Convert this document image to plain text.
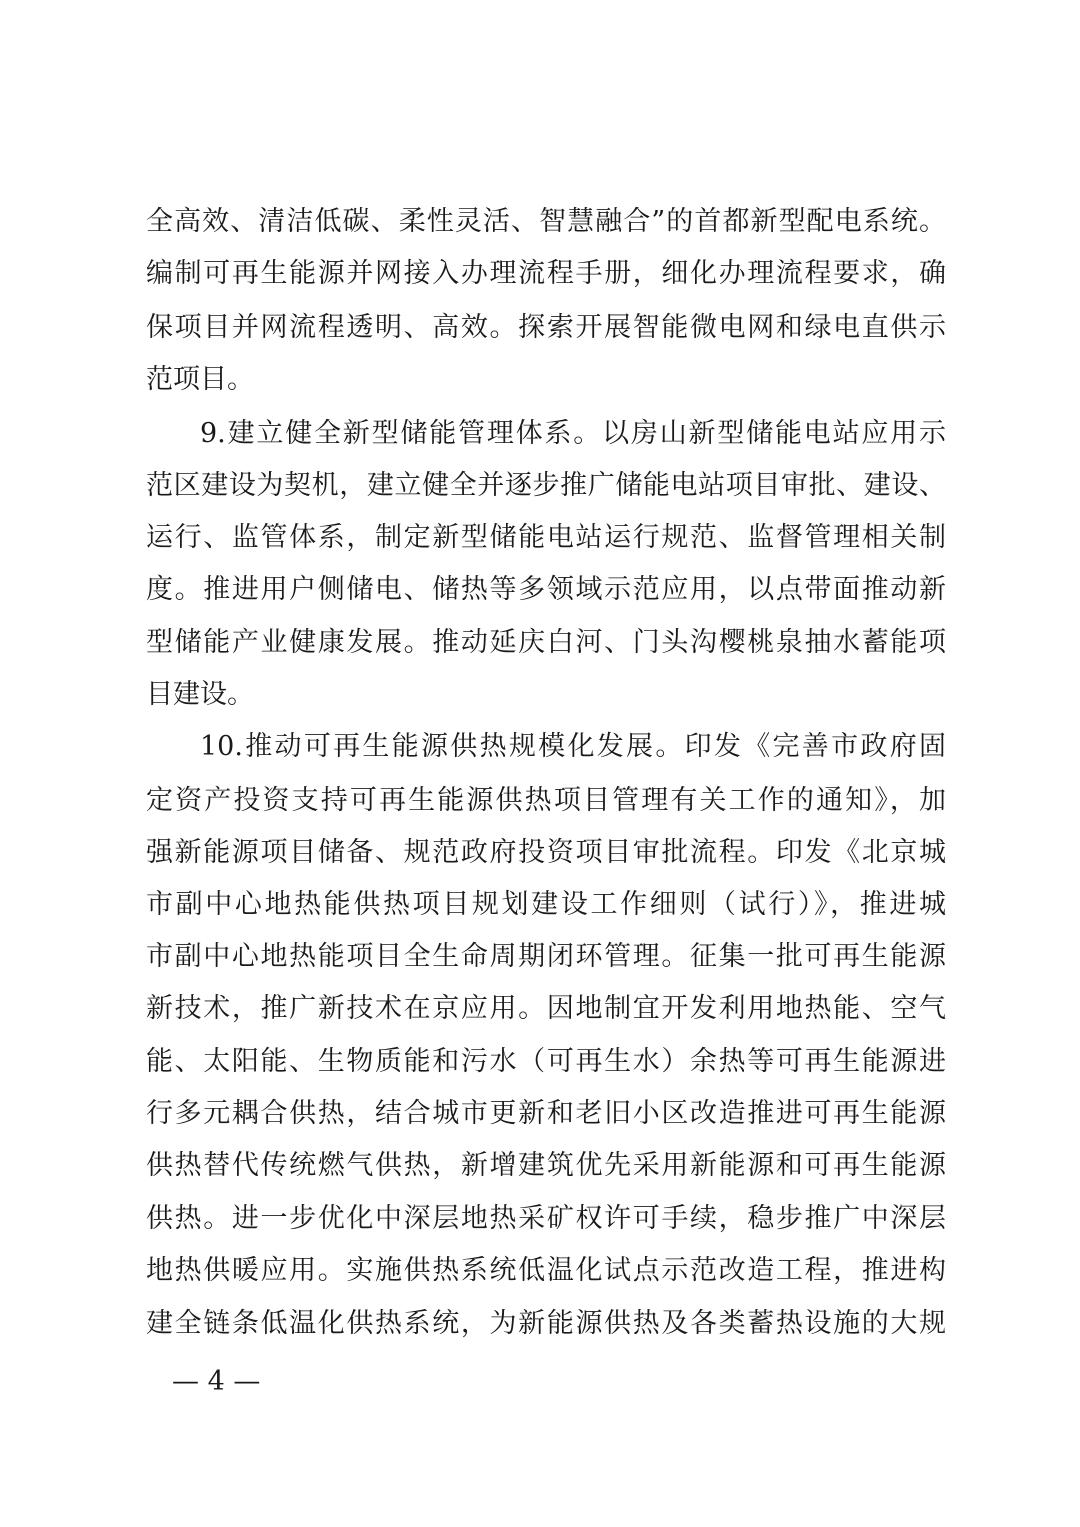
全高效、清洁低碳、柔性灵活、智慧融合”的首都新型配电系统。
编制可再生能源并网接入办理流程手册，细化办理流程要求，确
保项目并网流程透明、高效。探索开展智能微电网和绿电直供示
范项目。
9.建立健全新型储能管理体系。以房山新型储能电站应用示
范区建设为契机，建立健全并逐步推广储能电站项目审批、建设、
运行、监管体系，制定新型储能电站运行规范、监督管理相关制
度。推进用户侧储电、储热等多领域示范应用，以点带面推动新
型储能产业健康发展。推动延庆白河、门头沟樱桃泉抽水蓄能项
目建设。
10.推动可再生能源供热规模化发展。印发《完善市政府固
定资产投资支持可再生能源供热项目管理有关工作的通知》，加
强新能源项目储备、规范政府投资项目审批流程。印发《北京城
市副中心地热能供热项目规划建设工作细则（试行）》，推进城
市副中心地热能项目全生命周期闭环管理。征集一批可再生能源
新技术，推广新技术在京应用。因地制宜开发利用地热能、空气
能、太阳能、生物质能和污水（可再生水）余热等可再生能源进
行多元耦合供热，结合城市更新和老旧小区改造推进可再生能源
供热替代传统燃气供热，新增建筑优先采用新能源和可再生能源
供热。进一步优化中深层地热采矿权许可手续，稳步推广中深层
地热供暖应用。实施供热系统低温化试点示范改造工程，推进构
建全链条低温化供热系统，为新能源供热及各类蓄热设施的大规
— 4 —
